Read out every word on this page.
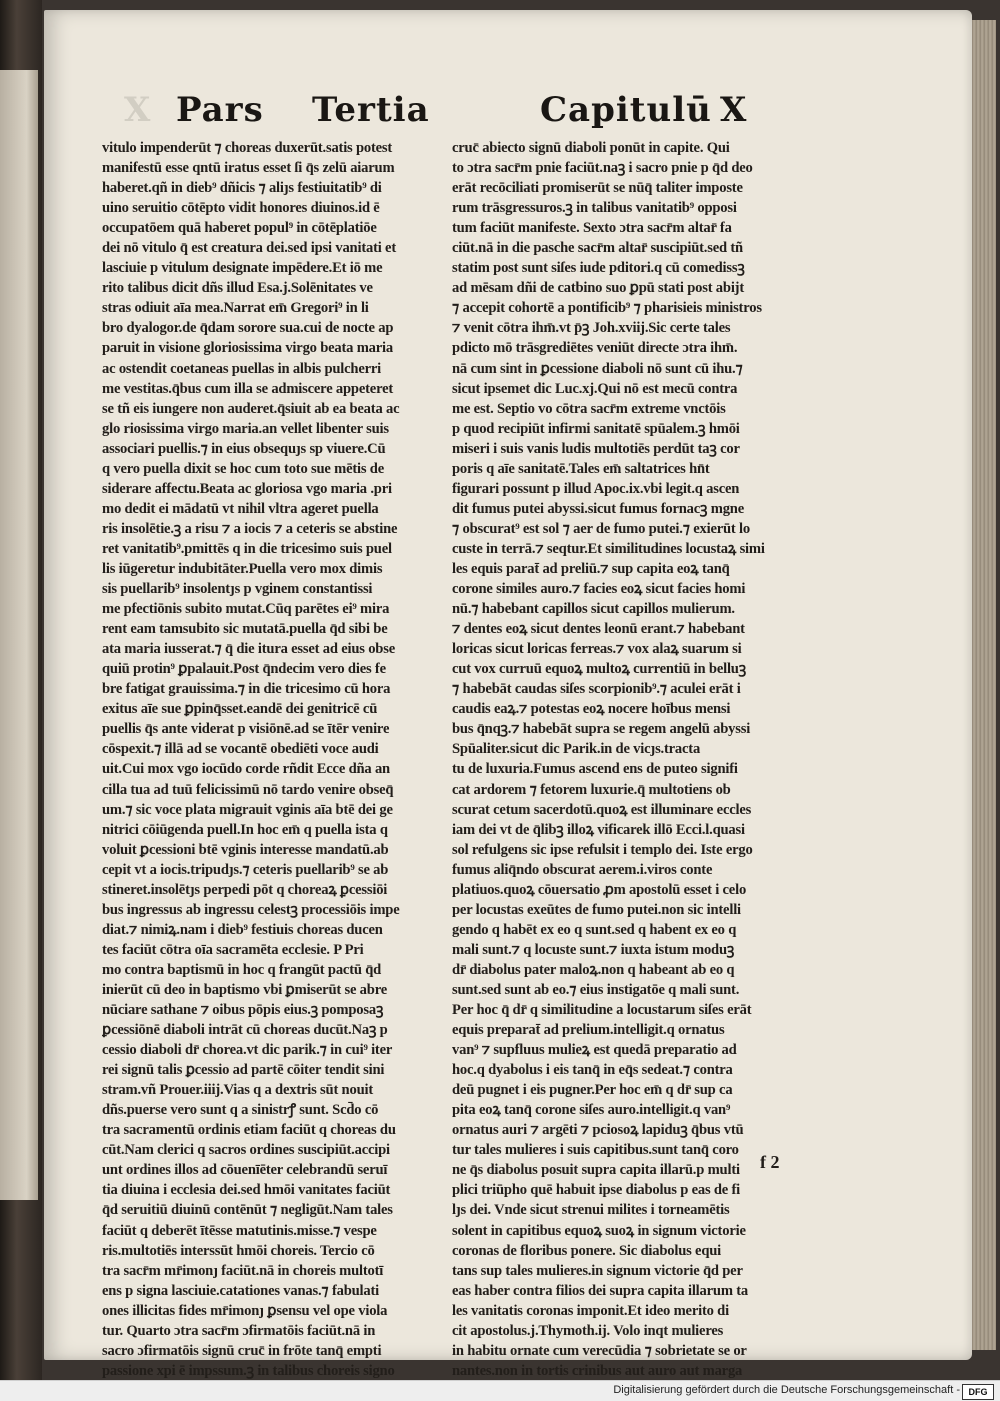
X Pars Tertia	Capitulū X
vitulo impenderūt ⁊ choreas duxerūt.satis potest
manifestū esse qntū iratus esset ſi q̄s zelū aiarum
haberet.qñ in dieb⁹ dñicis ⁊ aliȷs festiuitatib⁹ di
uino seruitio cōtēpto vidit honores diuinos.id ē
occupatōem quā haberet popul⁹ in cōtēplatiōe
dei nō vitulo q̄ est creatura dei.sed ipsi vanitati et
lasciuie p vitulum designate impēdere.Et iō me
rito talibus dicit dñs illud Esa.j.Solēnitates ve
stras odiuit aīa mea.Narrat em̄ Gregori⁹ in li
bro dyalogor.de q̄dam sorore sua.cui de nocte ap
paruit in visione gloriosissima virgo beata maria
ac ostendit coetaneas puellas in albis pulcherri
me vestitas.q̄bus cum illa se admiscere appeteret
se tñ eis iungere non auderet.q̄siuit ab ea beata ac
glo riosissima virgo maria.an vellet libenter suis
associari puellis.⁊ in eius obsequȷs sp viuere.Cū
q vero puella dixit se hoc cum toto sue mētis de
siderare affectu.Beata ac gloriosa vgo maria .pri
mo dedit ei mādatū vt nihil vltra ageret puella
ris insolētie.ꝫ a risu ⁊ a iocis ⁊ a ceteris se abstine
ret vanitatib⁹.pmittēs q in die tricesimo suis puel
lis iūgeretur indubitāter.Puella vero mox dimis
sis puellarib⁹ insolentȷs p vginem constantissi
me pfectiōnis subito mutat.Cūq parētes ei⁹ mira
rent eam tamsubito sic mutatā.puella q̄d sibi be
ata maria iusserat.⁊ q̄ die itura esset ad eius obse
quiū protin⁹ ꝑpalauit.Post q̄ndecim vero dies fe
bre fatigat grauissima.⁊ in die tricesimo cū hora
exitus aīe sue ꝑpinq̄sset.eandē dei genitricē cū
puellis q̄s ante viderat p visiōnē.ad se ītēr venire
cōspexit.⁊ illā ad se vocantē obediēti voce audi
uit.Cui mox vgo iocūdo corde rñdit Ecce dña an
cilla tua ad tuū felicissimū nō tardo venire obseq̄
um.⁊ sic voce plata migrauit vginis aīa btē dei ge
nitrici cōiūgenda puell.In hoc em̄ q puella ista q
voluit ꝑcessioni btē vginis interesse mandatū.ab
cepit vt a iocis.tripudȷs.⁊ ceteris puellarib⁹ se ab
stineret.insolētȷs perpedi pōt q choreaꝝ ꝑcessiōi
bus ingressus ab ingressu celestꝫ processiōis impe
diat.⁊ nimiꝝ.nam i dieb⁹ festiuis choreas ducen
tes faciūt cōtra oīa sacramēta ecclesie. P Pri
mo contra baptismū in hoc q frangūt pactū q̄d
inierūt cū deo in baptismo vbi ꝑmiserūt se abre
nūciare sathane ⁊ oibus pōpis eius.ꝫ pomposaꝫ
ꝑcessiōnē diaboli intrāt cū choreas ducūt.Naꝫ p
cessio diaboli dr̄ chorea.vt dic parik.⁊ in cui⁹ iter
rei signū talis ꝑcessio ad partē cōiter tendit sini
stram.vñ Prouer.iiij.Vias q a dextris sūt nouit
dñs.puerse vero sunt q a sinistrꝭ sunt. Scd̄o cō
tra sacramentū ordinis etiam faciūt q choreas du
cūt.Nam clerici q sacros ordines suscipiūt.accipi
unt ordines illos ad cōuenīēter celebrandū seruī
tia diuina i ecclesia dei.sed hmōi vanitates faciūt
q̄d seruitiū diuinū contēnūt ⁊ negligūt.Nam tales
faciūt q deberēt ītēsse matutinis.misse.⁊ vespe
ris.multotiēs interssūt hmōi choreis. Tercio cō
tra sacr̄m mr̄imonȷ faciūt.nā in choreis multotī
ens p signa lasciuie.catationes vanas.⁊ fabulati
ones illicitas fides mr̄imonȷ ꝑsensu vel ope viola
tur. Quarto ɔtra sacr̄m ɔfirmatōis faciūt.nā in
sacro ɔfirmatōis signū cruc̄ in frōte tanq̄ empti
passione xpi ē impssum.ꝫ in talibus choreis signo
cruc̄ abiecto signū diaboli ponūt in capite. Qui
to ɔtra sacr̄m pnie faciūt.naꝫ i sacro pnie p q̄d deo
erāt recōciliati promiserūt se nūq̄ taliter imposte
rum trāsgressuros.ꝫ in talibus vanitatib⁹ opposi
tum faciūt manifeste. Sexto ɔtra sacr̄m altar̄ fa
ciūt.nā in die pasche sacr̄m altar̄ suscipiūt.sed tñ
statim post sunt siſes iude pditori.q cū comedissꝫ
ad mēsam dñi de catbino suo ꝑpū stati post abijt
⁊ accepit cohortē a pontificib⁹ ⁊ pharisieis ministros
⁊ venit cōtra ihm̄.vt p̄ꝫ Joh.xviij.Sic certe tales
pdicto mō trāsgrediētes veniūt directe ɔtra ihm̄.
nā cum sint in ꝑcessione diaboli nō sunt cū ihu.⁊
sicut ipsemet dic Luc.xj.Qui nō est mecū contra
me est. Septio vo cōtra sacr̄m extreme vnctōis
p quod recipiūt infirmi sanitatē spūalem.ꝫ hmōi
miseri i suis vanis ludis multotiēs perdūt taꝫ cor
poris q aīe sanitatē.Tales em̄ saltatrices hn̄t
figurari possunt p illud Apoc.ix.vbi legit.q ascen
dit fumus putei abyssi.sicut fumus fornacꝫ mgne
⁊ obscurat⁹ est sol ⁊ aer de fumo putei.⁊ exierūt lo
custe in terrā.⁊ seqtur.Et similitudines locustaꝝ simi
les equis parat̄ ad preliū.⁊ sup capita eoꝝ tanq̄
corone similes auro.⁊ facies eoꝝ sicut facies homi
nū.⁊ habebant capillos sicut capillos mulierum.
⁊ dentes eoꝝ sicut dentes leonū erant.⁊ habebant
loricas sicut loricas ferreas.⁊ vox alaꝝ suarum si
cut vox curruū equoꝝ multoꝝ currentiū in belluꝫ
⁊ habebāt caudas siſes scorpionib⁹.⁊ aculei erāt i
caudis eaꝝ.⁊ potestas eoꝝ nocere hoībus mensi
bus q̄nqꝫ.⁊ habebāt supra se regem angelū abyssi
Spūaliter.sicut dic Parik.in de vicȷs.tracta
tu de luxuria.Fumus ascend ens de puteo signifi
cat ardorem ⁊ fetorem luxurie.q̄ multotiens ob
scurat cetum sacerdotū.quoꝝ est illuminare eccles
iam dei vt de q̄libꝫ illoꝝ vificarek illō Ecci.l.quasi
sol refulgens sic ipse refulsit i templo dei. Iste ergo
fumus aliq̄ndo obscurat aerem.i.viros conte
platiuos.quoꝝ cōuersatio ꝓm apostolū esset i celo
per locustas exeūtes de fumo putei.non sic intelli
gendo q habēt ex eo q sunt.sed q habent ex eo q
mali sunt.⁊ q locuste sunt.⁊ iuxta istum moduꝫ
dr̄ diabolus pater maloꝝ.non q habeant ab eo q
sunt.sed sunt ab eo.⁊ eius instigatōe q mali sunt.
Per hoc q̄ dr̄ q similitudine a locustarum siſes erāt
equis preparat̄ ad prelium.intelligit.q ornatus
van⁹ ⁊ supfluus mulieꝝ est quedā preparatio ad
hoc.q dyabolus i eis tanq̄ in eq̄s sedeat.⁊ contra
deū pugnet i eis pugner.Per hoc em̄ q dr̄ sup ca
pita eoꝝ tanq̄ corone siſes auro.intelligit.q van⁹
ornatus auri ⁊ argēti ⁊ pciosoꝝ lapiduꝫ q̄bus vtū
tur tales mulieres i suis capitibus.sunt tanq̄ coro
ne q̄s diabolus posuit supra capita illarū.p multi
plici triūpho quē habuit ipse diabolus p eas de fi
lȷs dei. Vnde sicut strenui milites i torneamētis
solent in capitibus equoꝝ suoꝝ in signum victorie
coronas de floribus ponere. Sic diabolus equi
tans sup tales mulieres.in signum victorie q̄d per
eas haber contra filios dei supra capita illarum ta
les vanitatis coronas imponit.Et ideo merito di
cit apostolus.j.Thymoth.ij. Volo inqt mulieres
in habitu ornate cum verecūdia ⁊ sobrietate se or
nantes.non in tortis crinibus aut auro aut marga
f 2
Digitalisierung gefördert durch die Deutsche Forschungsgemeinschaft - DFG
